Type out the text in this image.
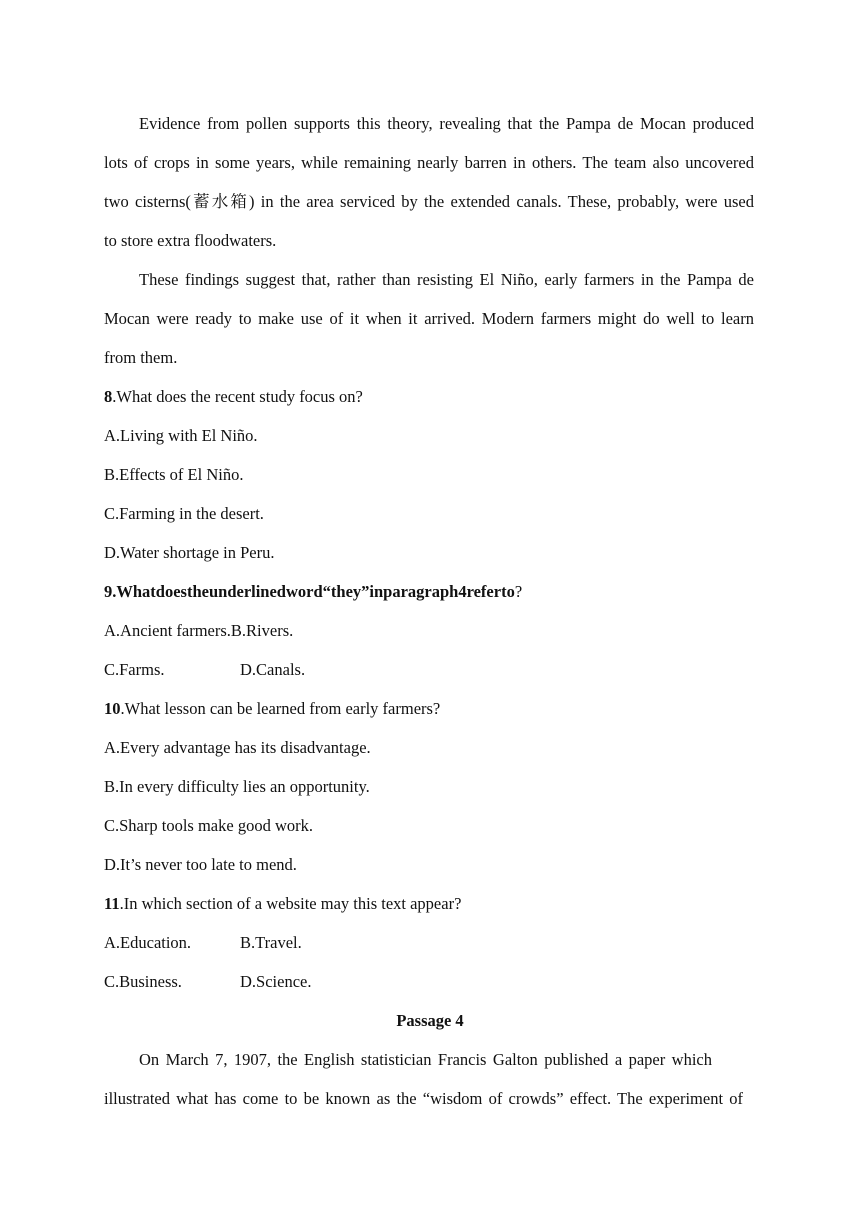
Evidence from pollen supports this theory, revealing that the Pampa de Mocan produced
lots of crops in some years, while remaining nearly barren in others. The team also uncovered
two cisterns(蓄水箱) in the area serviced by the extended canals. These, probably, were used
to store extra floodwaters.
These findings suggest that, rather than resisting El Niño, early farmers in the Pampa de
Mocan were ready to make use of it when it arrived. Modern farmers might do well to learn
from them.
8.What does the recent study focus on?
A.Living with El Niño.
B.Effects of El Niño.
C.Farming in the desert.
D.Water shortage in Peru.
9.Whatdoestheunderlinedword“they”inparagraph4referto?
A.Ancient farmers.B.Rivers.
C.Farms.	D.Canals.
10.What lesson can be learned from early farmers?
A.Every advantage has its disadvantage.
B.In every difficulty lies an opportunity.
C.Sharp tools make good work.
D.It’s never too late to mend.
11.In which section of a website may this text appear?
A.Education.	B.Travel.
C.Business.	D.Science.
Passage 4
On March 7, 1907, the English statistician Francis Galton published a paper which
illustrated what has come to be known as the “wisdom of crowds” effect. The experiment of
